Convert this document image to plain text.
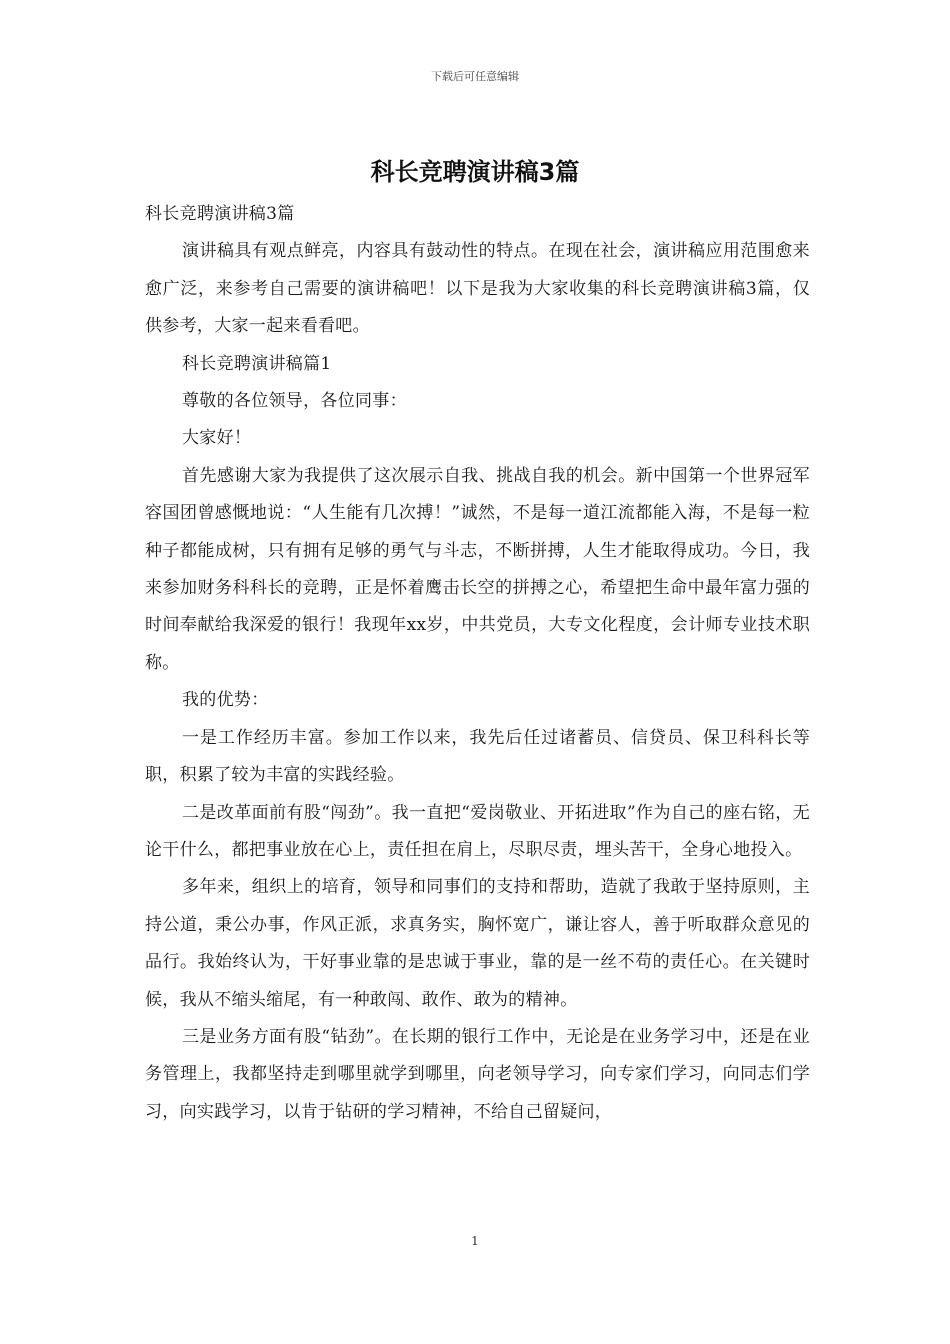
下载后可任意编辑
科长竞聘演讲稿3篇

科长竞聘演讲稿3篇

演讲稿具有观点鲜亮，内容具有鼓动性的特点。在现在社会，演讲稿应用范围愈来愈广泛，来参考自己需要的演讲稿吧！以下是我为大家收集的科长竞聘演讲稿3篇，仅供参考，大家一起来看看吧。

科长竞聘演讲稿篇1

尊敬的各位领导，各位同事：

大家好！

首先感谢大家为我提供了这次展示自我、挑战自我的机会。新中国第一个世界冠军容国团曾感慨地说：“人生能有几次搏！”诚然，不是每一道江流都能入海，不是每一粒种子都能成树，只有拥有足够的勇气与斗志，不断拼搏，人生才能取得成功。今日，我来参加财务科科长的竞聘，正是怀着鹰击长空的拼搏之心，希望把生命中最年富力强的时间奉献给我深爱的银行！我现年xx岁，中共党员，大专文化程度，会计师专业技术职称。

我的优势：

一是工作经历丰富。参加工作以来，我先后任过诸蓄员、信贷员、保卫科科长等职，积累了较为丰富的实践经验。

二是改革面前有股“闯劲”。我一直把“爱岗敬业、开拓进取”作为自己的座右铭，无论干什么，都把事业放在心上，责任担在肩上，尽职尽责，埋头苦干，全身心地投入。

多年来，组织上的培育，领导和同事们的支持和帮助，造就了我敢于坚持原则，主持公道，秉公办事，作风正派，求真务实，胸怀宽广，谦让容人，善于听取群众意见的品行。我始终认为，干好事业靠的是忠诚于事业，靠的是一丝不苟的责任心。在关键时候，我从不缩头缩尾，有一种敢闯、敢作、敢为的精神。

三是业务方面有股“钻劲”。在长期的银行工作中，无论是在业务学习中，还是在业务管理上，我都坚持走到哪里就学到哪里，向老领导学习，向专家们学习，向同志们学习，向实践学习，以肯于钻研的学习精神，不给自己留疑问，

1
